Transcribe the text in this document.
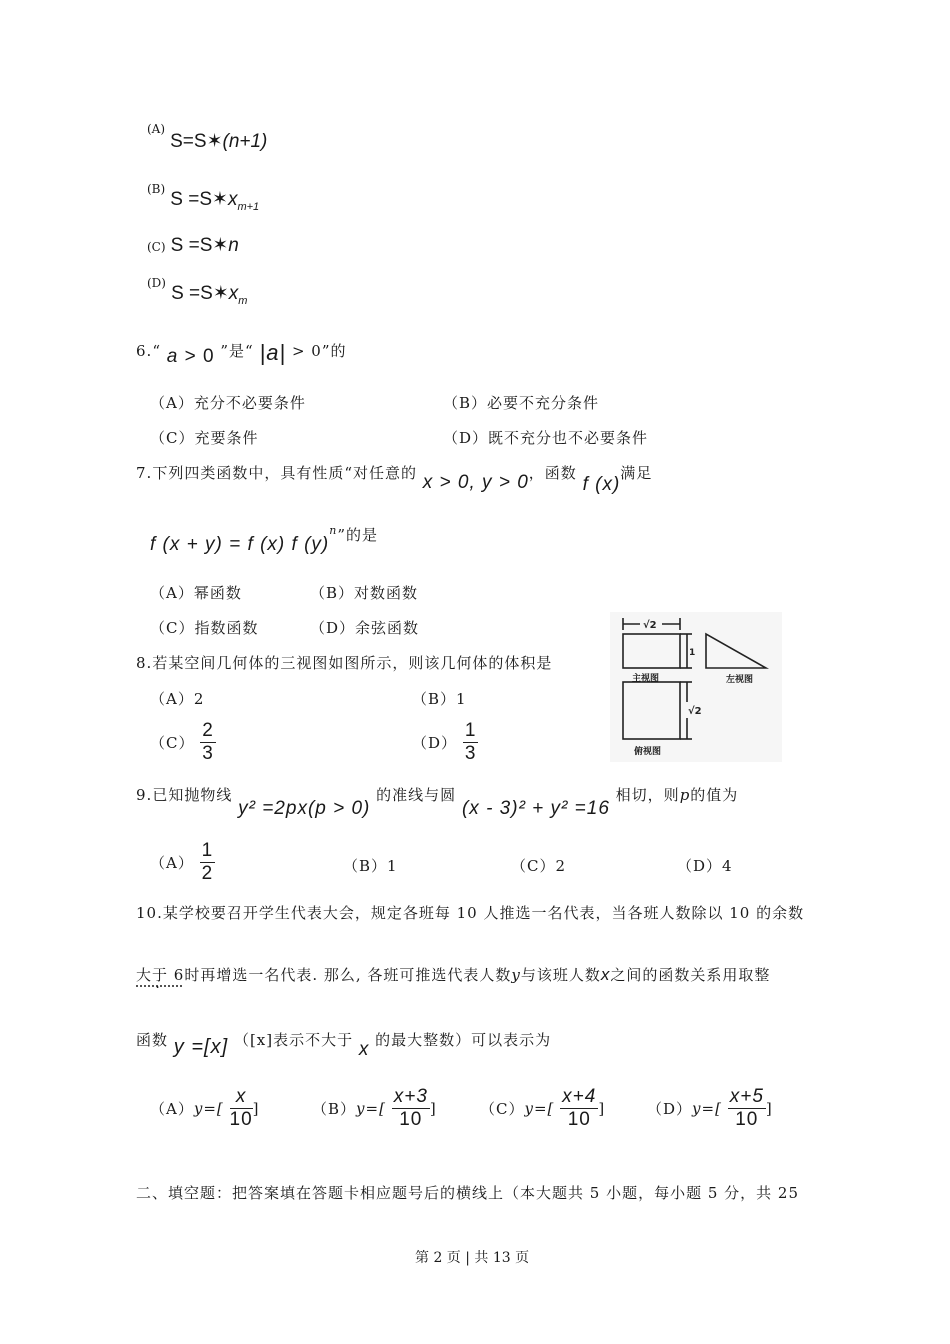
$^{(A)}$ S=S✶(n+1)
$^{(B)}$ $S =S✶x_{m+1}$
(C) S =S✶n
$^{(D)}$ $S =S✶x_m$
6.“ a > 0 ”是“ |a| > 0”的
（A）充分不必要条件	（B）必要不充分条件
（C）充要条件	（D）既不充分也不必要条件
7.下列四类函数中，具有性质“对任意的 x > 0, y > 0，函数 f (x)满足
f (x + y) = f (x) f $(y)^n$”的是
（A）幂函数	（B）对数函数
（C）指数函数	（D）余弦函数
8.若某空间几何体的三视图如图所示，则该几何体的体积是
（A）2	（B）1
$(C) \frac{2}{3}$	$(D) \frac{1}{3}$
√2
1
√2
主视图	左视图
俯视图
9.已知抛物线 y² =2px(p > 0) 的准线与圆 (x - 3)² + y² =16 相切，则p的值为
$(A) \frac{1}{2}$	（B）1	（C）2	（D）4
10.某学校要召开学生代表大会，规定各班每 10 人推选一名代表，当各班人数除以 10 的余数
大于 6 ·时再增选一名代表. 那么, 各班可推选代表人数y与该班人数x之间的函数关系用取整
函数 y =[x] （[x]表示不大于 x 的最大整数）可以表示为
$(A)y=[ \frac{x}{10}$ ]	$(B)y=[ \frac{x+3}{10}$ ]	$(C)y=[ \frac{x+4}{10}$ ]	$(D)y=[ \frac{x+5}{10}$ ]
二、填空题：把答案填在答题卡相应题号后的横线上（本大题共 5 小题，每小题 5 分，共 25
第 2 页 | 共 13 页
